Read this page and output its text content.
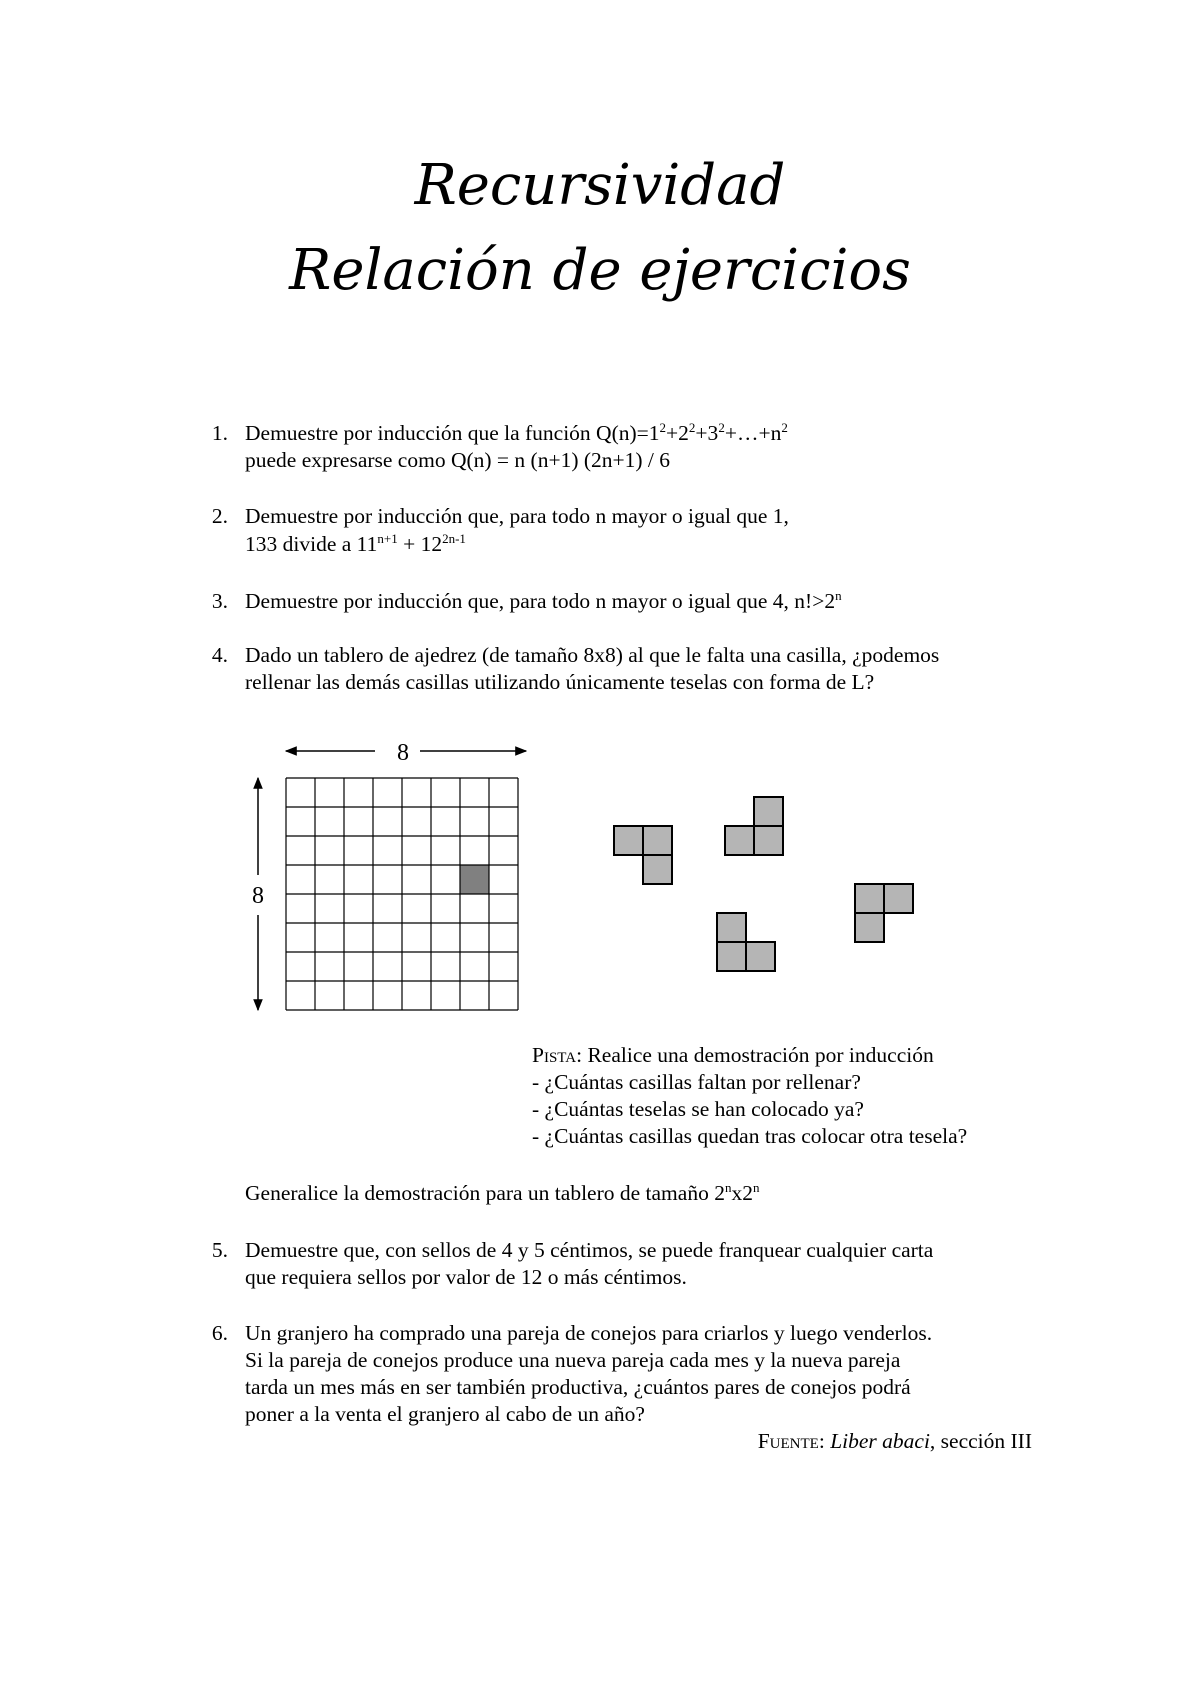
Recursividad
Relación de ejercicios
1. Demuestre por inducción que la función $Q(n)=1^2+2^2+3^2+\dots+n^2$
puede expresarse como Q(n) = n (n+1) (2n+1) / 6
2. Demuestre por inducción que, para todo n mayor o igual que 1,
133 divide a $11^{n+1} + 12^{2n-1}$
3. Demuestre por inducción que, para todo n mayor o igual que 4, $n!>2^n$
4. Dado un tablero de ajedrez (de tamaño 8x8) al que le falta una casilla, ¿podemos
rellenar las demás casillas utilizando únicamente teselas con forma de L?
8
8
Pista: Realice una demostración por inducción
- ¿Cuántas casillas faltan por rellenar?
- ¿Cuántas teselas se han colocado ya?
- ¿Cuántas casillas quedan tras colocar otra tesela?
Generalice la demostración para un tablero de tamaño 2$^n$x2$^n$
5. Demuestre que, con sellos de 4 y 5 céntimos, se puede franquear cualquier carta
que requiera sellos por valor de 12 o más céntimos.
6. Un granjero ha comprado una pareja de conejos para criarlos y luego venderlos.
Si la pareja de conejos produce una nueva pareja cada mes y la nueva pareja
tarda un mes más en ser también productiva, ¿cuántos pares de conejos podrá
poner a la venta el granjero al cabo de un año?
Fuente: Liber abaci, sección III
